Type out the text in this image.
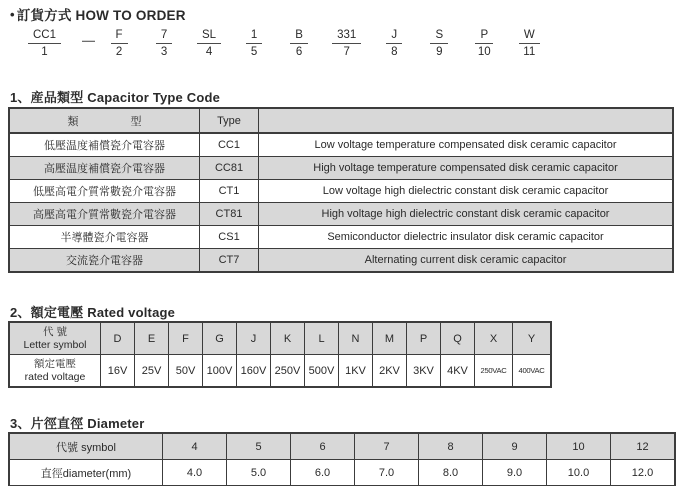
• 訂貨方式 HOW TO ORDER
$\frac{CC1}{1}$ — $\frac{F}{2} \frac{7}{3} \frac{SL}{4} \frac{1}{5} \frac{B}{6} \frac{331}{7} \frac{J}{8} \frac{S}{9} \frac{P}{10} \frac{W}{11}$
1、産品類型 Capacitor Type Code
類 型	Type	
低壓温度補償瓷介電容器	CC1	Low voltage temperature compensated disk ceramic capacitor
高壓温度補償瓷介電容器	CC81	High voltage temperature compensated disk ceramic capacitor
低壓高電介質常數瓷介電容器	CT1	Low voltage high dielectric constant disk ceramic capacitor
高壓高電介質常數瓷介電容器	CT81	High voltage high dielectric constant disk ceramic capacitor
半導體瓷介電容器	CS1	Semiconductor dielectric insulator disk ceramic capacitor
交流瓷介電容器	CT7	Alternating current disk ceramic capacitor
2、額定電壓 Rated voltage
代 號
Letter symbol	D	E	F	G	J	K	L	N	M	P	Q	X	Y

額定電壓
rated voltage	16V	25V	50V	100V	160V	250V	500V	1KV	2KV	3KV	4KV	250VAC	400VAC
3、片徑直徑 Diameter
代號 symbol	4	5	6	7	8	9	10	12
直徑diameter(mm)	4.0	5.0	6.0	7.0	8.0	9.0	10.0	12.0
